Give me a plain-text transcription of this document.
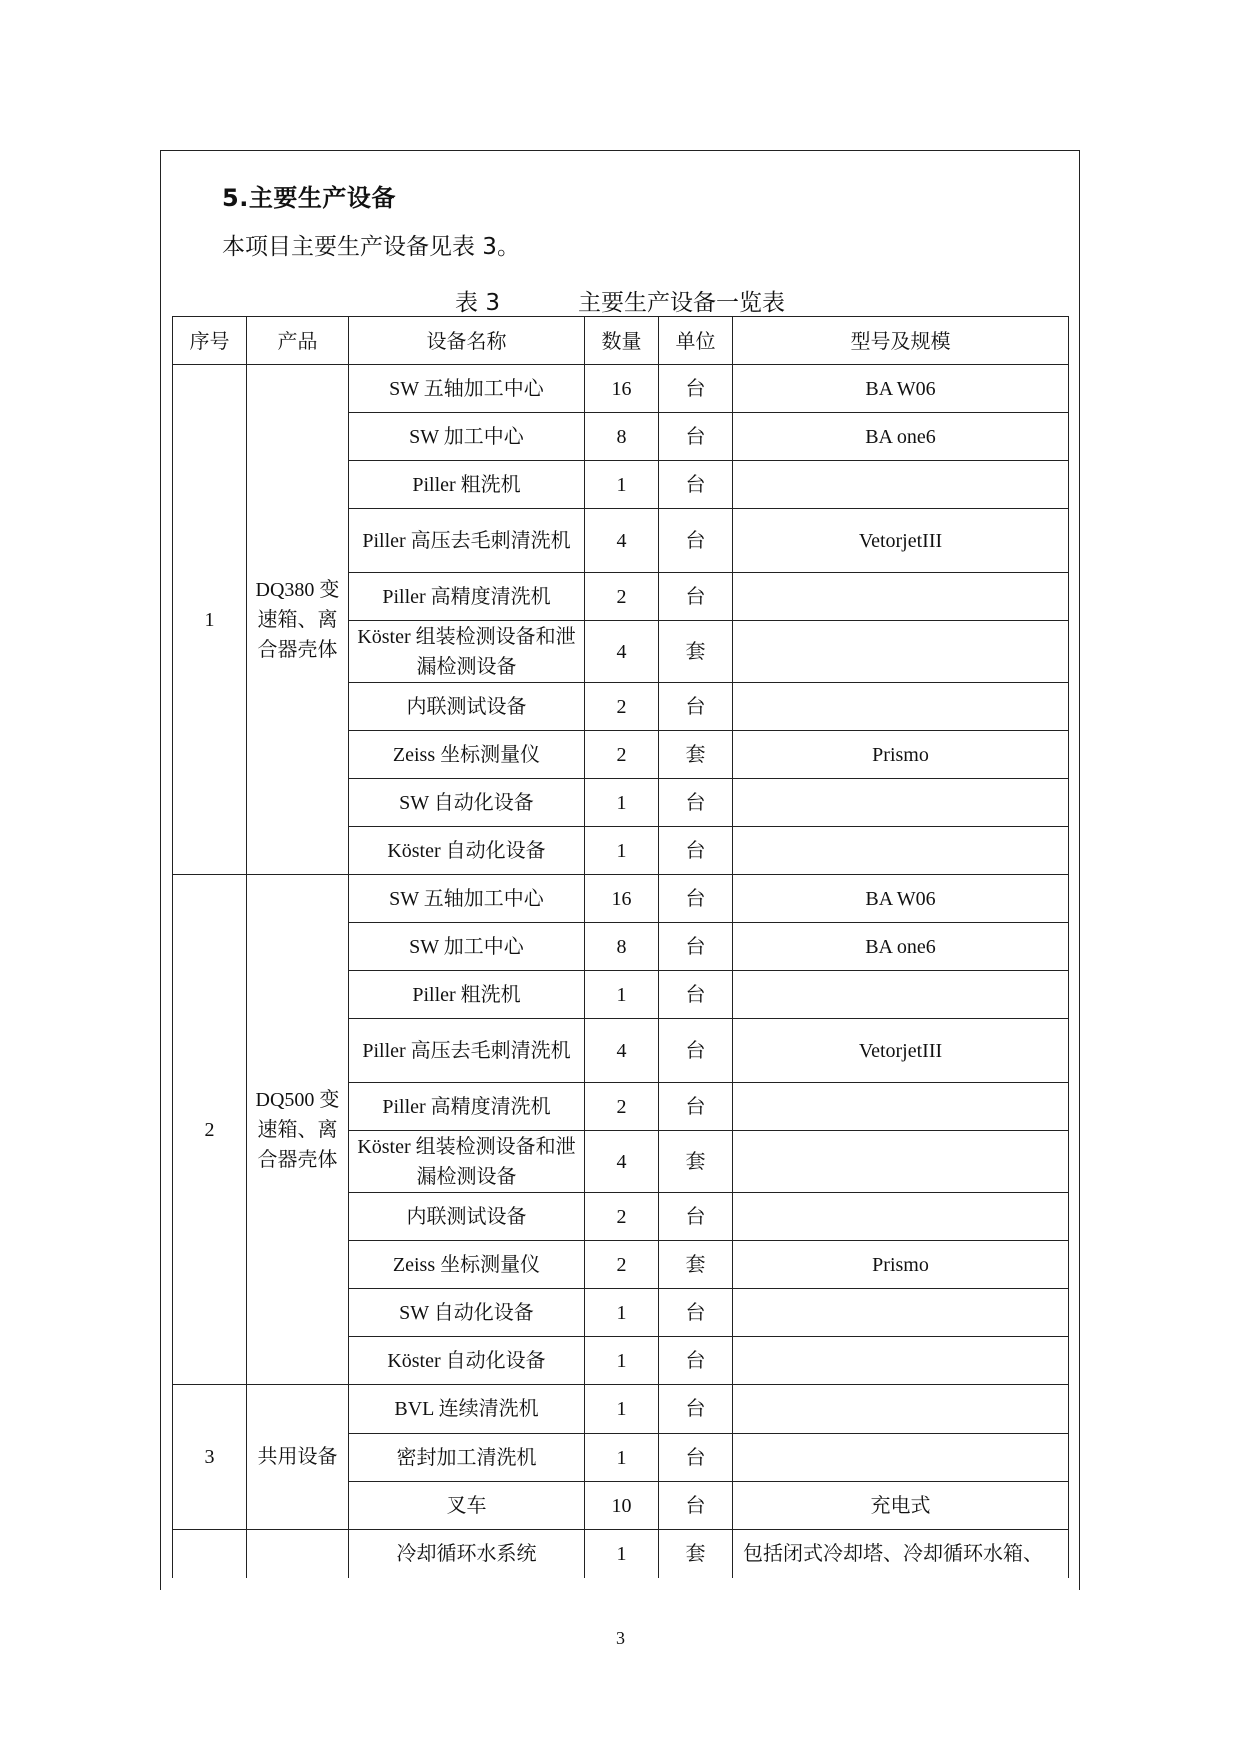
5.主要生产设备
本项目主要生产设备见表 3。
表 3	主要生产设备一览表
序号	产品	设备名称	数量	单位	型号及规模
1	DQ380 变速箱、离合器壳体	SW 五轴加工中心	16	台	BA W06
		SW 加工中心	8	台	BA one6
		Piller 粗洗机	1	台	
		Piller 高压去毛刺清洗机	4	台	VetorjetIII
		Piller 高精度清洗机	2	台	
		Köster 组装检测设备和泄漏检测设备	4	套	
		内联测试设备	2	台	
		Zeiss 坐标测量仪	2	套	Prismo
		SW 自动化设备	1	台	
		Köster 自动化设备	1	台	
2	DQ500 变速箱、离合器壳体	SW 五轴加工中心	16	台	BA W06
		SW 加工中心	8	台	BA one6
		Piller 粗洗机	1	台	
		Piller 高压去毛刺清洗机	4	台	VetorjetIII
		Piller 高精度清洗机	2	台	
		Köster 组装检测设备和泄漏检测设备	4	套	
		内联测试设备	2	台	
		Zeiss 坐标测量仪	2	套	Prismo
		SW 自动化设备	1	台	
		Köster 自动化设备	1	台	
3	共用设备	BVL 连续清洗机	1	台	
		密封加工清洗机	1	台	
		叉车	10	台	充电式
		冷却循环水系统	1	套	包括闭式冷却塔、冷却循环水箱、
3
